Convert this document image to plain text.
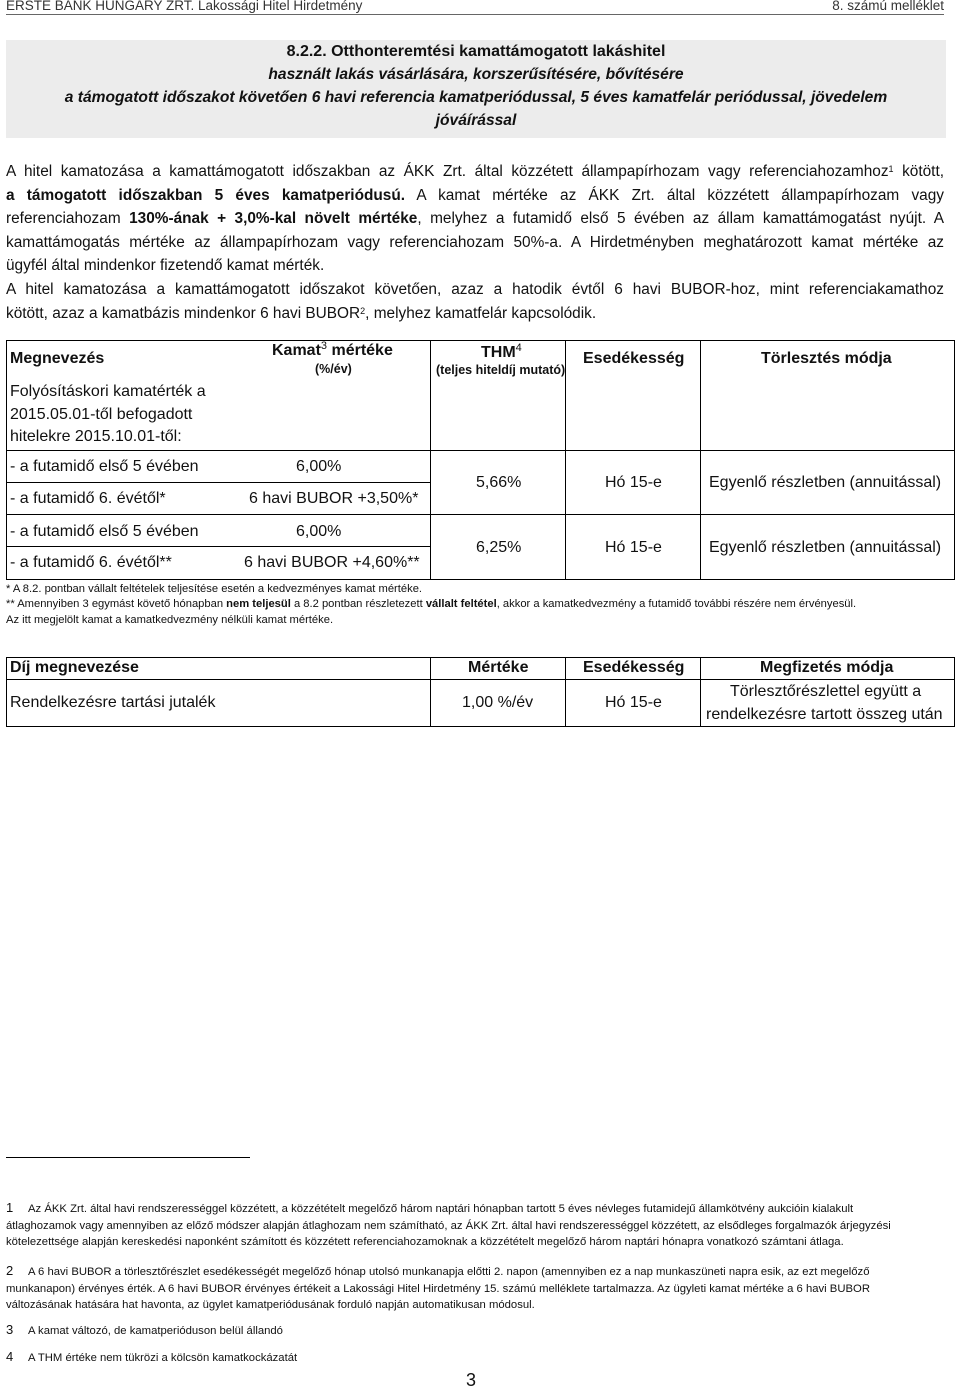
ERSTE BANK HUNGARY ZRT. Lakossági Hitel Hirdetmény	8. számú melléklet
8.2.2. Otthonteremtési kamattámogatott lakáshitel
használt lakás vásárlására, korszerűsítésére, bővítésére
a támogatott időszakot követően 6 havi referencia kamatperiódussal, 5 éves kamatfelár periódussal, jövedelem
jóváírással
A hitel kamatozása a kamattámogatott időszakban az ÁKK Zrt. által közzétett állampapírhozam vagy referenciahozamhoz$^1$ kötött,
a támogatott időszakban 5 éves kamatperiódusú. A kamat mértéke az ÁKK Zrt. által közzétett állampapírhozam vagy
referenciahozam 130%-ának + 3,0%-kal növelt mértéke, melyhez a futamidő első 5 évében az állam kamattámogatást nyújt. A
kamattámogatás mértéke az állampapírhozam vagy referenciahozam 50%-a. A Hirdetményben meghatározott kamat mértéke az
ügyfél által mindenkor fizetendő kamat mérték.
A hitel kamatozása a kamattámogatott időszakot követően, azaz a hatodik évtől 6 havi BUBOR-hoz, mint referenciakamathoz
kötött, azaz a kamatbázis mindenkor 6 havi BUBOR$^2$, melyhez kamatfelár kapcsolódik.
Megnevezés	Kamat$^3$ mértéke
(%/év)
THM$^4$
(teljes hiteldíj mutató)
Esedékesség	Törlesztés módja
Folyósításkori kamatérték a
2015.05.01-től befogadott
hitelekre 2015.10.01-től:
- a futamidő első 5 évében	6,00%
- a futamidő 6. évétől*	6 havi BUBOR +3,50%*
5,66%	Hó 15-e	Egyenlő részletben (annuitással)
- a futamidő első 5 évében	6,00%
- a futamidő 6. évétől**	6 havi BUBOR +4,60%**
6,25%	Hó 15-e	Egyenlő részletben (annuitással)
* A 8.2. pontban vállalt feltételek teljesítése esetén a kedvezményes kamat mértéke.
** Amennyiben 3 egymást követő hónapban nem teljesül a 8.2 pontban részletezett vállalt feltétel, akkor a kamatkedvezmény a futamidő további részére nem érvényesül.
Az itt megjelölt kamat a kamatkedvezmény nélküli kamat mértéke.
Díj megnevezése	Mértéke	Esedékesség	Megfizetés módja
Rendelkezésre tartási jutalék	1,00 %/év	Hó 15-e
Törlesztőrészlettel együtt a
rendelkezésre tartott összeg után
1 Az ÁKK Zrt. által havi rendszerességgel közzétett, a közzétételt megelőző három naptári hónapban tartott 5 éves névleges futamidejű államkötvény aukcióin kialakult
átlaghozamok vagy amennyiben az előző módszer alapján átlaghozam nem számítható, az ÁKK Zrt. által havi rendszerességgel közzétett, az elsődleges forgalmazók árjegyzési
kötelezettsége alapján kereskedési naponként számított és közzétett referenciahozamoknak a közzétételt megelőző három naptári hónapra vonatkozó számtani átlaga.
2 A 6 havi BUBOR a törlesztőrészlet esedékességét megelőző hónap utolsó munkanapja előtti 2. napon (amennyiben ez a nap munkaszüneti napra esik, az ezt megelőző
munkanapon) érvényes érték. A 6 havi BUBOR érvényes értékeit a Lakossági Hitel Hirdetmény 15. számú melléklete tartalmazza. Az ügyleti kamat mértéke a 6 havi BUBOR
változásának hatására hat havonta, az ügylet kamatperiódusának forduló napján automatikusan módosul.
3 A kamat változó, de kamatperióduson belül állandó
4 A THM értéke nem tükrözi a kölcsön kamatkockázatát
3
